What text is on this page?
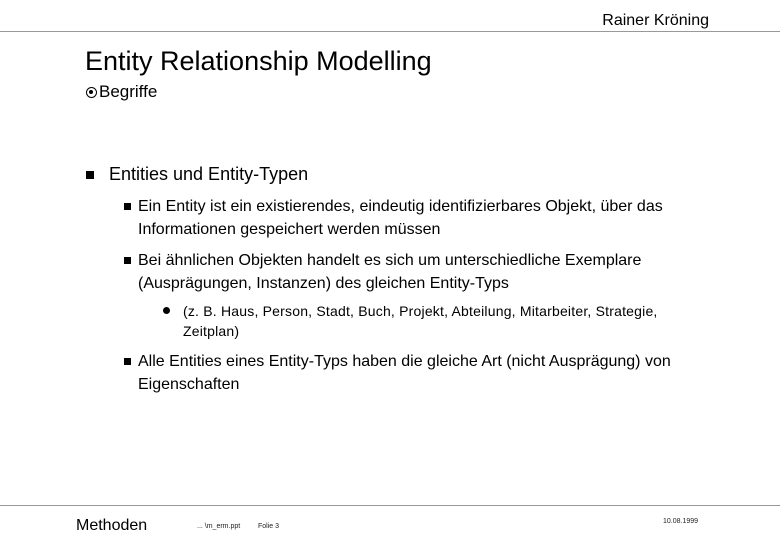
Rainer Kröning
Entity Relationship Modelling
Begriffe
Entities und Entity-Typen
Ein Entity ist ein existierendes, eindeutig identifizierbares Objekt, über das Informationen gespeichert werden müssen
Bei ähnlichen Objekten handelt es sich um unterschiedliche Exemplare (Ausprägungen, Instanzen) des gleichen Entity-Typs
(z. B. Haus, Person, Stadt, Buch, Projekt, Abteilung, Mitarbeiter, Strategie, Zeitplan)
Alle Entities eines Entity-Typs haben die gleiche Art (nicht Ausprägung) von Eigenschaften
Methoden	... \m_erm.ppt	Folie 3
10.08.1999
